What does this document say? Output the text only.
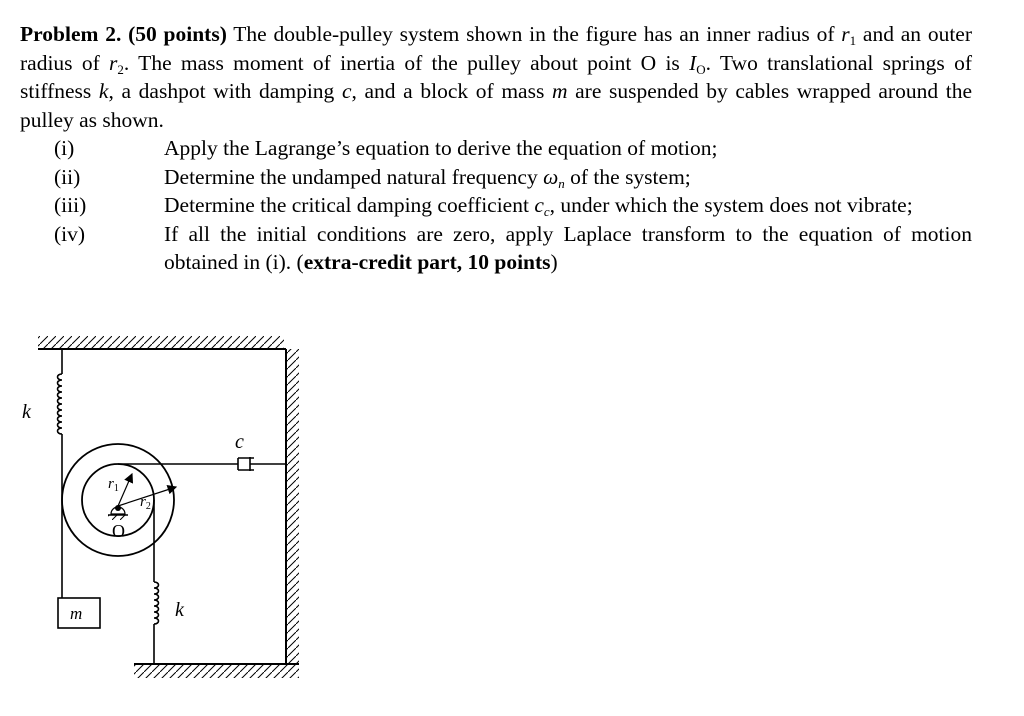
Problem 2. (50 points) The double-pulley system shown in the figure has an inner radius of $r_1$ and an outer radius of $r_2$. The mass moment of inertia of the pulley about point O is $I_O$. Two translational springs of stiffness k, a dashpot with damping c, and a block of mass m are suspended by cables wrapped around the pulley as shown.
(i)	Apply the Lagrange’s equation to derive the equation of motion;
(ii)	Determine the undamped natural frequency $\omega_n$ of the system;
(iii)	Determine the critical damping coefficient $c_c$, under which the system does not vibrate;
(iv)	If all the initial conditions are zero, apply Laplace transform to the equation of motion obtained in (i). (extra-credit part, 10 points)
k
m	k
c
$r_1$
$r_2$
O
